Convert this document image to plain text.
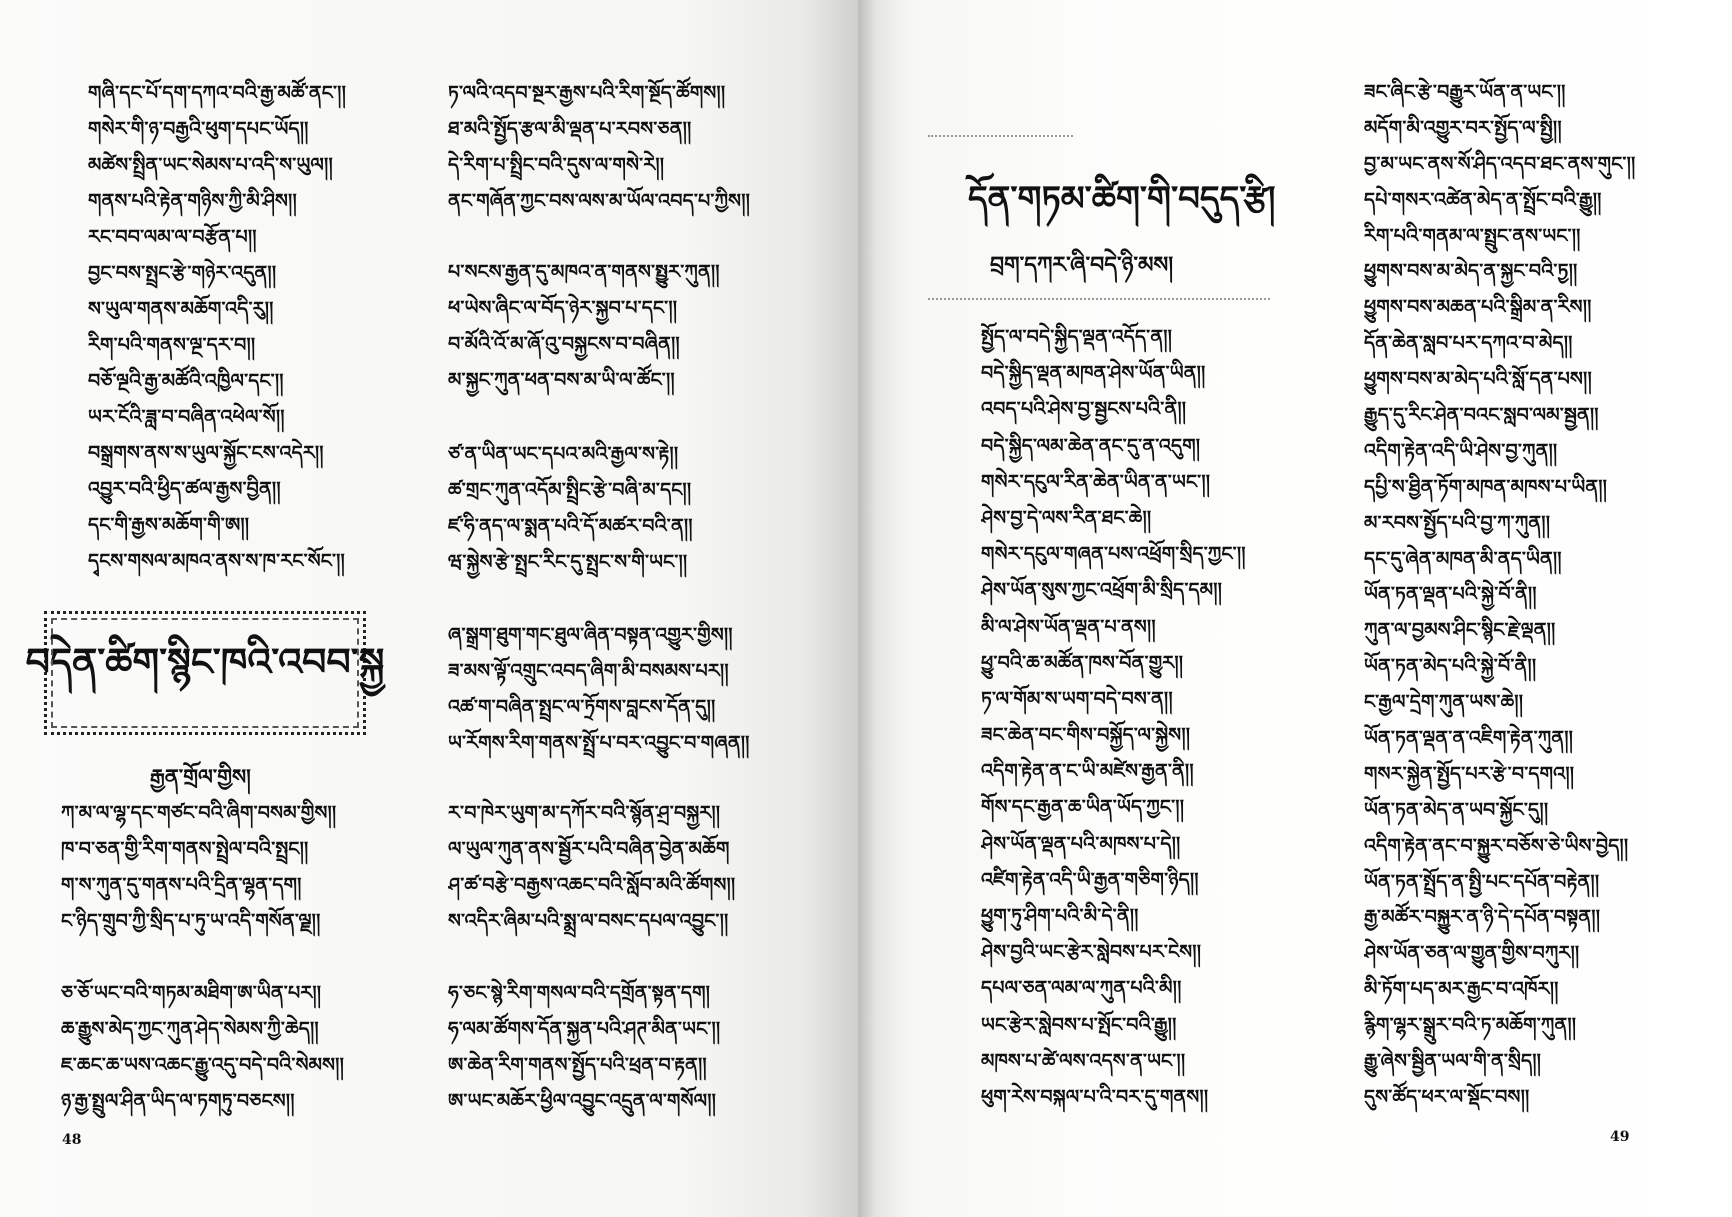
གཞི་དང་པོ་དག་དཀའ་བའི་རྒྱ་མཚོ་ནང་།།
གསེར་གི་ཉ་བརྒྱའི་ཕུག་དཔང་ཡོད།།
མཚེས་སྤྲིན་ཡང་སེམས་པ་འདི་ས་ཡུལ།།
གནས་པའི་རྟེན་གཉིས་ཀྱི་མི་ཤིས།།
རང་བབ་ལམ་ལ་བརྩོན་པ།།
བྱང་བས་སྤྲང་རྩེ་གཉེར་འདུན།།
ས་ཡུལ་གནས་མཆོག་འདི་རུ།།
རིག་པའི་གནས་ལྔ་དར་བ།།
བཅོ་ལྔའི་རྒྱ་མཚོའི་འཁྱིལ་དང་།།
ཡར་ངོའི་ཟླ་བ་བཞིན་འཕེལ་སོ།།
བསྒྲགས་ནས་ས་ཡུལ་སྐྱོང་ངས་འདེར།།
འབྱུར་བའི་ཕྱིད་ཚལ་རྒྱས་བྱིན།།
དང་གི་རྒྱས་མཆོག་གི་ཨ།།
དྭངས་གསལ་མཁའ་ནས་ས་ཁ་རང་སོང་།།
ཏ་ལའི་འདབ་སྔར་རྒྱས་པའི་རིག་སྔོད་ཚོགས།།
ཐ་མའི་སྤྱོད་རྩལ་མི་ལྡན་པ་རབས་ཅན།།
དེ་རིག་པ་སྤྲིང་བའི་དུས་ལ་གསེ་རེ།།
ནང་གཞོན་ཀྱང་བས་ལས་མ་ཡོལ་འབད་པ་ཀྱིས།།
པ་སངས་རྒྱན་དུ་མཁའ་ན་གནས་སྤྱུར་ཀུན།།
ཕ་ཡེས་ཞིང་ལ་བོད་ཉེར་སྐྱབ་པ་དང་།།
བ་མོའི་འོ་མ་ཞོ་འུ་བསྐྱངས་བ་བཞིན།།
མ་སྐྱང་ཀུན་ཕན་བས་མ་ཡི་ལ་ཚོང་།།
ཙ་ན་ཡིན་ཡང་དཔའ་མའི་རྒྱལ་ས་རྟེ།།
ཚ་གྲང་ཀུན་འདོམ་སྤྲིང་རྩེ་བཞི་མ་དང།།
ཛ་ཧི་ནད་ལ་སྨན་པའི་དོ་མཚར་བའི་ན།།
ཝ་སྐྱེས་རྩེ་སྤྲང་རིང་དུ་སྤྲང་ས་གི་ཡང་།།
ཞ་སྒྲག་ཐུག་གང་ཐུལ་ཞིན་བསྟན་འགྱུར་གྱིས།།
ཟ་མས་ལྟོ་འགྲུང་འབད་ཞིག་མི་བསམས་པར།།
འཚ་ག་བཞིན་སྤྲང་ལ་ཏྲོགས་བླངས་དོན་དུ།།
ཡ་རོགས་རིག་གནས་སྤྲོ་པ་བར་འབྱུང་བ་གཞན།།
ར་བ་ཁེར་ཡུག་མ་དཀོར་བའི་སྙོན་ཤྲ་བསྐྱར།།
ལ་ཡུལ་ཀུན་ནས་སྦྱོར་པའི་བཞིན་བྱེན་མཆོག
ཤ་ཚ་བརྩེ་བརྒྱས་འཆང་བའི་སློབ་མའི་ཚོགས།།
ས་འདིར་ཞིམ་པའི་སྨྲ་ལ་བསང་དཔལ་འབྱུང་།།
ཧ་ཅང་སྙེ་རིག་གསལ་བའི་དགྲོན་སྟན་དག།
ཧ་ལམ་ཚོགས་དོན་སྐྱན་པའི་ཤཊ་མིན་ཡང་།།
ཨ་ཆེན་རིག་གནས་སྤྱོད་པའི་ཕྲན་བ་རྟན།།
ཨ་ཡང་མཆོར་ཕྱིལ་འབྱུང་འདྲུན་ལ་གསོལ།།
བདེན་ཚིག་སྙིང་ཁའི་འབབ་སྐྱ
རྒྱན་གྲོལ་གྱིས།
ཀ་མ་ལ་ལྷ་དང་གཙང་བའི་ཞིག་བསམ་གྱིས།།
ཁ་བ་ཅན་གྱི་རིག་གནས་སྤྲེལ་བའི་སྤྲང།།
ག་ས་ཀུན་དུ་གནས་པའི་དྲིན་ལྷན་དག།
ང་ཉིད་གྲུབ་ཀྱི་སྲིད་པ་ཏུ་ཡ་འདི་གསོན་ལྗ།།
ཅ་ཅོ་ཡང་བའི་གཏམ་མཐིག་ཨ་ཡིན་པར།།
ཆ་རྒྱུས་མེད་ཀྱང་ཀུན་ཤེད་སེམས་ཀྱི་ཆེད།།
ཇ་ཆང་ཆ་ཡས་འཆང་རྒྱུ་འདུ་བདེ་བའི་སེམས།།
ཉ་རྒྱ་སྤྲུལ་ཤིན་ཡིད་ལ་ཏགཏུ་བཅངས།།
48
དོན་གཏམ་ཚིག་གི་བདུད་རྩི།
བྲག་དཀར་ཞི་བདེ་ཉི་མས།
སྤྱོད་ལ་བདེ་སྐྱིད་ལྡན་འདོད་ན།།
བདེ་སྐྱིད་ལྡན་མཁན་ཤེས་ཡོན་ཡིན།།
འབད་པའི་ཤེས་བྱ་སྦྱངས་པའི་ནི།།
བདེ་སྐྱིད་ལམ་ཆེན་ནང་དུ་ན་འདུག།
གསེར་དངུལ་རིན་ཆེན་ཡིན་ན་ཡང་།།
ཤེས་བྱ་དེ་ལས་རིན་ཐང་ཆེ།།
གསེར་དངུལ་གཞན་པས་འཕྲོག་སྲིད་ཀྱང་།།
ཤེས་ཡོན་སུས་ཀྱང་འཕྲོག་མི་སྲིད་དམ།།
མི་ལ་ཤེས་ཡོན་ལྡན་པ་ནས།།
ཕྱུ་བའི་ཆ་མཚོན་ཁས་བོན་གྱུར།།
ཏ་ལ་གོམ་ས་ཡག་བདེ་བས་ན།།
ཟང་ཆེན་བང་གིས་བསྐྱོད་ལ་སྐྱེས།།
འདིག་རྟེན་ན་ང་ཡི་མཛེས་རྒྱན་ནི།།
གོས་དང་རྒྱན་ཆ་ཡིན་ཡོད་ཀྱང་།།
ཤེས་ཡོན་ལྡན་པའི་མཁས་པ་དེ།།
འཛིག་རྟེན་འདི་ཡི་རྒྱན་གཅིག་ཉིད།།
ཕྱུག་ཏུ་ཤིག་པའི་མི་དེ་ནི།།
ཤེས་བྱའི་ཡང་རྩེར་སླེབས་པར་ངེས།།
དཔལ་ཅན་ལམ་ལ་ཀུན་པའི་མི།།
ཡང་རྩེར་སླེབས་པ་སྤོང་བའི་རྒྱུ།།
མཁས་པ་ཚེ་ལས་འདས་ན་ཡང་།།
ཕུག་རེས་བསྐལ་པ་འི་བར་དུ་གནས།།
ཟང་ཞིང་རྩེ་བརྒྱུར་ཡོན་ན་ཡང་།།
མདོག་མི་འགྱུར་བར་སྤྱོད་ལ་སྤྱི།།
བྱ་མ་ཡང་ནས་སོ་ཤིད་འདབ་ཐང་ནས་གུང་།།
དཔེ་གསར་འཚེན་མེད་ན་སྤྲོང་བའི་རྒྱུ།།
རིག་པའི་གནམ་ལ་སྤྲུང་ནས་ཡང་།།
ཕྱུགས་བས་མ་མེད་ན་སྐྱང་བའི་ཏྱ།།
ཕྱུགས་བས་མཆན་པའི་སྒྲིམ་ན་རིས།།
དོན་ཆེན་སླབ་པར་དཀའ་བ་མེད།།
ཕྱུགས་བས་མ་མེད་པའི་སློ་དན་པས།།
རྒྱུད་དུ་རིང་ཤེན་བའང་སླབ་ལམ་སྦྱན།།
འདིག་རྟེན་འདི་ཡི་ཤེས་བྱ་ཀུན།།
དཔྱི་ས་ཐྱིན་ཏོག་མཁན་མཁས་པ་ཡིན།།
མ་རབས་སྤྱོད་པའི་བྱ་ཀ་ཀུན།།
དང་དུ་ཞེན་མཁན་མི་ནད་ཡིན།།
ཡོན་ཏན་ལྡན་པའི་སྐྱེ་བོ་ནི།།
ཀུན་ལ་བྱམས་ཤིང་སྙིང་རྗེ་ལྡན།།
ཡོན་ཏན་མེད་པའི་སྐྱེ་བོ་ནི།།
ང་རྒྱལ་དྲེག་ཀུན་ཡས་ཆེ།།
ཡོན་ཏན་ལྡན་ན་འཇིག་རྟེན་ཀུན།།
གསར་སྐྱེན་སྤྱོད་པར་རྩེ་བ་དགའ།།
ཡོན་ཏན་མེད་ན་ཡབ་སྐྱོང་དུ།།
འདིག་རྟེན་ནང་བ་སྐྱུར་བཅོས་ཅེ་ཡིས་བྱེད།།
ཡོན་ཏན་སྤྲོད་ན་སྤྱི་པང་དཔོན་བརྟེན།།
རྒྱ་མཚོར་བསྐྱུར་ན་ཉི་དེ་དཔོན་བསྟན།།
ཤེས་ཡོན་ཅན་ལ་གྱུན་གྱིས་བཀུར།།
མི་ཏོག་པད་མར་རྒྱང་བ་འཁོར།།
རྙིག་ལྷར་སྒྲུར་བའི་ཏ་མཆོག་ཀུན།།
རྒྱུ་ཞེས་སྦྱིན་ཡལ་གི་ན་སྲིད།།
དུས་ཚོད་ཕར་ལ་སྡོང་བས།།
49
